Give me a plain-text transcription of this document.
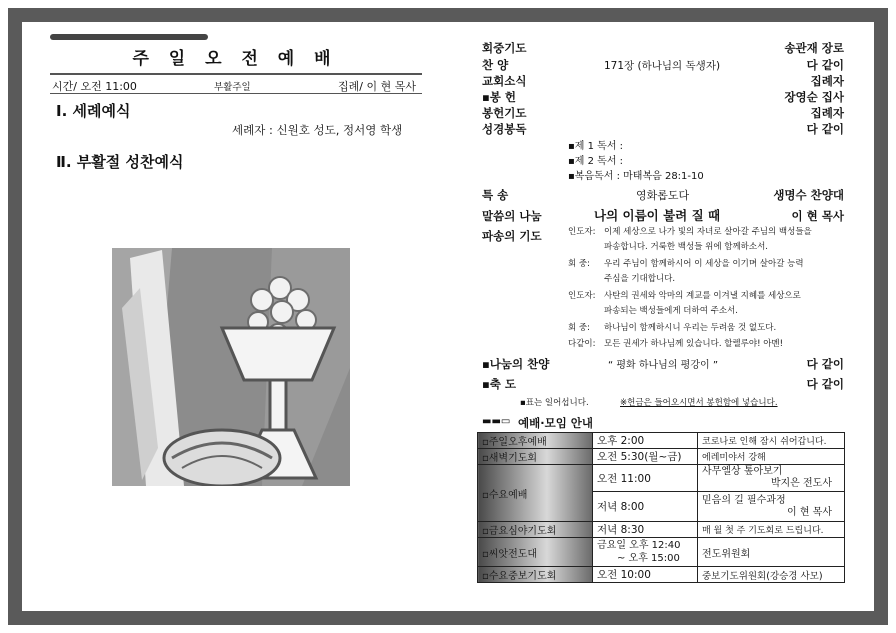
주 일 오 전 예 배
시간/ 오전 11:00	부활주일	집례/ 이 현 목사
Ⅰ. 세례예식
세례자 : 신원호 성도, 정서영 학생
Ⅱ. 부활절 성찬예식
회중기도	송관재 장로
찬 양	171장 (하나님의 독생자)	다 같이
교회소식	집례자
▪봉 헌	장영순 집사
봉헌기도	집례자
성경봉독	다 같이
▪제 1 독서 :
▪제 2 독서 :
▪복음독서 : 마태복음 28:1-10
특 송	영화롭도다	생명수 찬양대
말씀의 나눔	나의 이름이 불려 질 때	이 현 목사
파송의 기도	인도자: 이제 세상으로 나가 빛의 자녀로 살아갈 주님의 백성들을
파송합니다. 거룩한 백성들 위에 함께하소서.
회 중: 우리 주님이 함께하시어 이 세상을 이기며 살아갈 능력
주심을 기대합니다.
인도자: 사탄의 권세와 악마의 계교를 이겨낼 지혜를 세상으로
파송되는 백성들에게 더하여 주소서.
회 중: 하나님이 함께하시니 우리는 두려움 것 없도다.
다같이: 모든 권세가 하나님께 있습니다. 할렐루야! 아멘!
▪나눔의 찬양	“ 평화 하나님의 평강이 ”	다 같이
▪축 도	다 같이
▪표는 일어섭니다.	※헌금은 들어오시면서 봉헌함에 넣습니다.
▬▬▭ 예배·모임 안내
▫주일오후예배	오후 2:00	코로나로 인해 잠시 쉬어갑니다.
▫새벽기도회	오전 5:30(월~금)	에레미야서 강해
▫수요예배	오전 11:00	사무엘상 톺아보기
박지은 전도사

	저녁 8:00	믿음의 길 필수과정
이 현 목사

▫금요심야기도회	저녁 8:30	매 월 첫 주 기도회로 드립니다.
▫씨앗전도대	금요일 오후 12:40
~ 오후 15:00	전도위원회
▫수요중보기도회	오전 10:00	중보기도위원회(강승경 사모)
